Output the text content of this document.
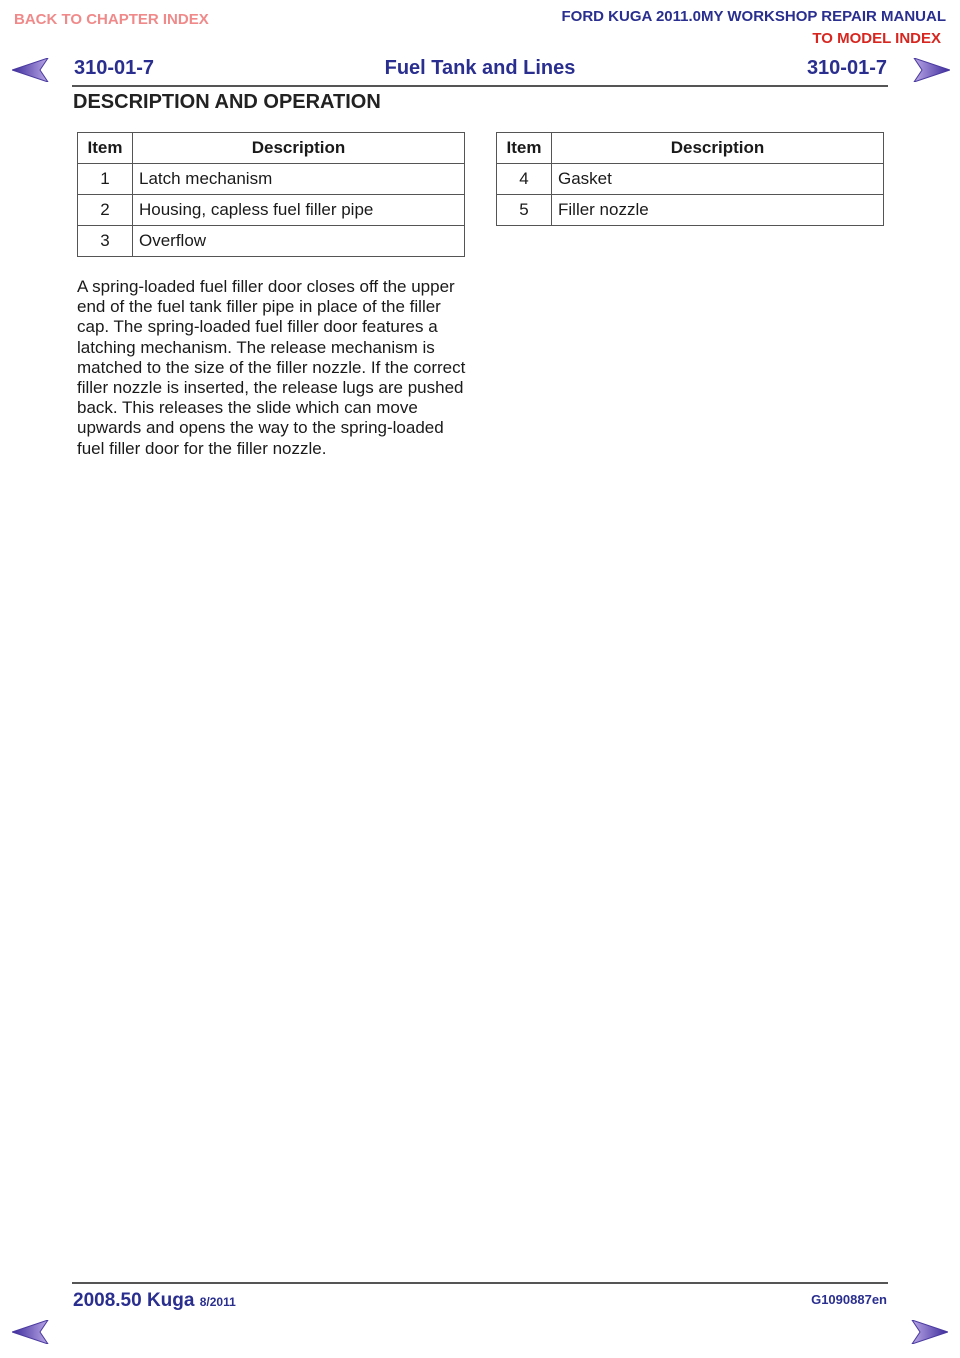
BACK TO CHAPTER INDEX	FORD KUGA 2011.0MY WORKSHOP REPAIR MANUAL
TO MODEL INDEX
310-01-7	Fuel Tank and Lines	310-01-7
DESCRIPTION AND OPERATION
Item	Description
1	Latch mechanism
2	Housing, capless fuel filler pipe
3	Overflow
Item	Description
4	Gasket
5	Filler nozzle

A spring-loaded fuel filler door closes off the upper end of the fuel tank filler pipe in place of the filler cap. The spring-loaded fuel filler door features a latching mechanism. The release mechanism is matched to the size of the filler nozzle. If the correct filler nozzle is inserted, the release lugs are pushed back. This releases the slide which can move upwards and opens the way to the spring-loaded fuel filler door for the filler nozzle.

2008.50 Kuga 8/2011	G1090887en
